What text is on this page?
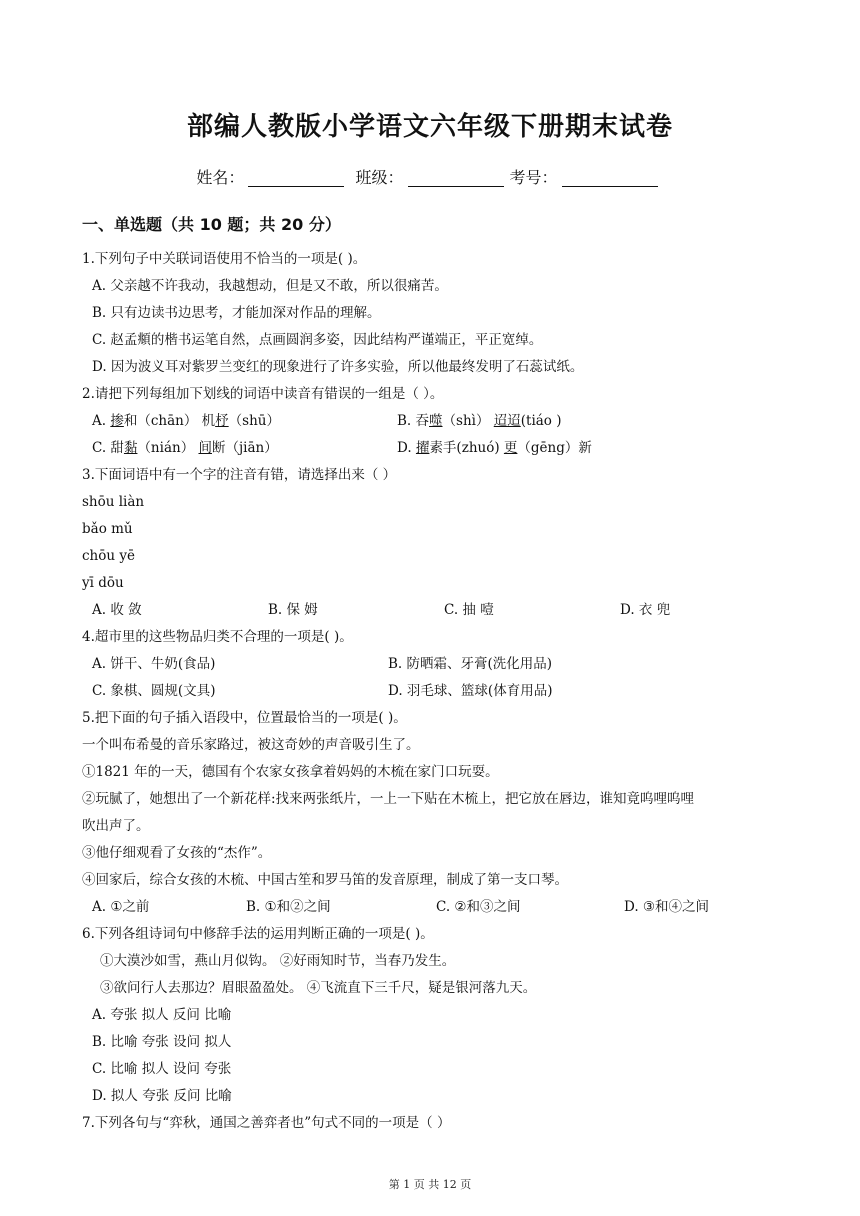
部编人教版小学语文六年级下册期末试卷
姓名：	班级：	考号：
一、单选题（共 10 题；共 20 分）
1.下列句子中关联词语使用不恰当的一项是( )。
A. 父亲越不许我动，我越想动，但是又不敢，所以很痛苦。
B. 只有边读书边思考，才能加深对作品的理解。
C. 赵孟頫的楷书运笔自然，点画圆润多姿，因此结构严谨端正，平正宽绰。
D. 因为波义耳对紫罗兰变红的现象进行了许多实验，所以他最终发明了石蕊试纸。
2.请把下列每组加下划线的词语中读音有错误的一组是（ ）。
A. 掺和（chān） 机杼（shū）	B. 吞噬（shì） 迢迢(tiáo )
C. 甜黏（nián） 间断（jiān）	D. 擢素手(zhuó) 更（gēng）新
3.下面词语中有一个字的注音有错，请选择出来（ ）
shōu liàn
bǎo mǔ
chōu yē
yī dōu
A. 收 敛	B. 保 姆	C. 抽 噎	D. 衣 兜
4.超市里的这些物品归类不合理的一项是( )。
A. 饼干、牛奶(食品)	B. 防晒霜、牙膏(洗化用品)
C. 象棋、圆规(文具)	D. 羽毛球、篮球(体育用品)
5.把下面的句子插入语段中，位置最恰当的一项是( )。
一个叫布希曼的音乐家路过，被这奇妙的声音吸引生了。
①1821 年的一天，德国有个农家女孩拿着妈妈的木梳在家门口玩耍。
②玩腻了，她想出了一个新花样:找来两张纸片，一上一下贴在木梳上，把它放在唇边，谁知竟呜哩呜哩
吹出声了。
③他仔细观看了女孩的“杰作”。
④回家后，综合女孩的木梳、中国古笙和罗马笛的发音原理，制成了第一支口琴。
A. ①之前	B. ①和②之间	C. ②和③之间	D. ③和④之间
6.下列各组诗词句中修辞手法的运用判断正确的一项是( )。
①大漠沙如雪，燕山月似钩。 ②好雨知时节，当春乃发生。
③欲问行人去那边？眉眼盈盈处。 ④飞流直下三千尺，疑是银河落九天。
A. 夸张 拟人 反问 比喻
B. 比喻 夸张 设问 拟人
C. 比喻 拟人 设问 夸张
D. 拟人 夸张 反问 比喻
7.下列各句与“弈秋，通国之善弈者也”句式不同的一项是（ ）
第 1 页 共 12 页
